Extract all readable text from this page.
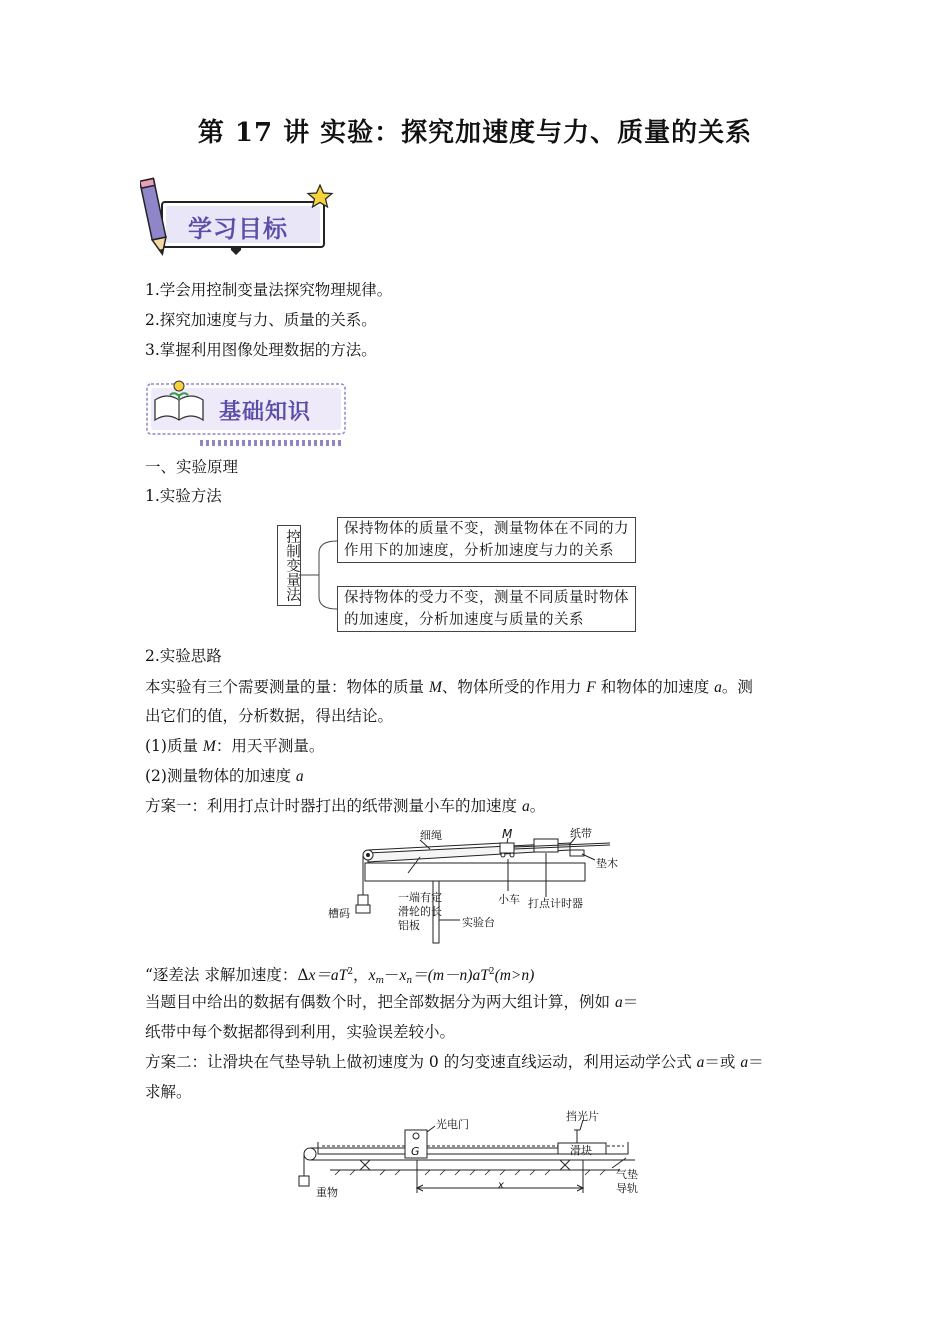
第 17 讲 实验：探究加速度与力、质量的关系
学习目标
1.学会用控制变量法探究物理规律。
2.探究加速度与力、质量的关系。
3.掌握利用图像处理数据的方法。
基础知识
一、实验原理
1.实验方法
控制变量法	保持物体的质量不变，测量物体在不同的力
作用下的加速度，分析加速度与力的关系
保持物体的受力不变，测量不同质量时物体
的加速度，分析加速度与质量的关系
2.实验思路
本实验有三个需要测量的量：物体的质量 M、物体所受的作用力 F 和物体的加速度 a。测
出它们的值，分析数据，得出结论。
(1)质量 M：用天平测量。
(2)测量物体的加速度 a
方案一：利用打点计时器打出的纸带测量小车的加速度 a。
细绳	M	纸带
垫木
槽码
一端有定
滑轮的长
铝板
小车 打点计时器
实验台
“逐差法 求解加速度：$\Delta x=aT^2$，$x_m-x_n=(m-n)aT^2(m>n)$
当题目中给出的数据有偶数个时，把全部数据分为两大组计算，例如 a＝
纸带中每个数据都得到利用，实验误差较小。
方案二：让滑块在气垫导轨上做初速度为 0 的匀变速直线运动，利用运动学公式 a＝或 a＝
求解。
光电门
挡光片
G	滑块
重物
x
气垫
导轨
